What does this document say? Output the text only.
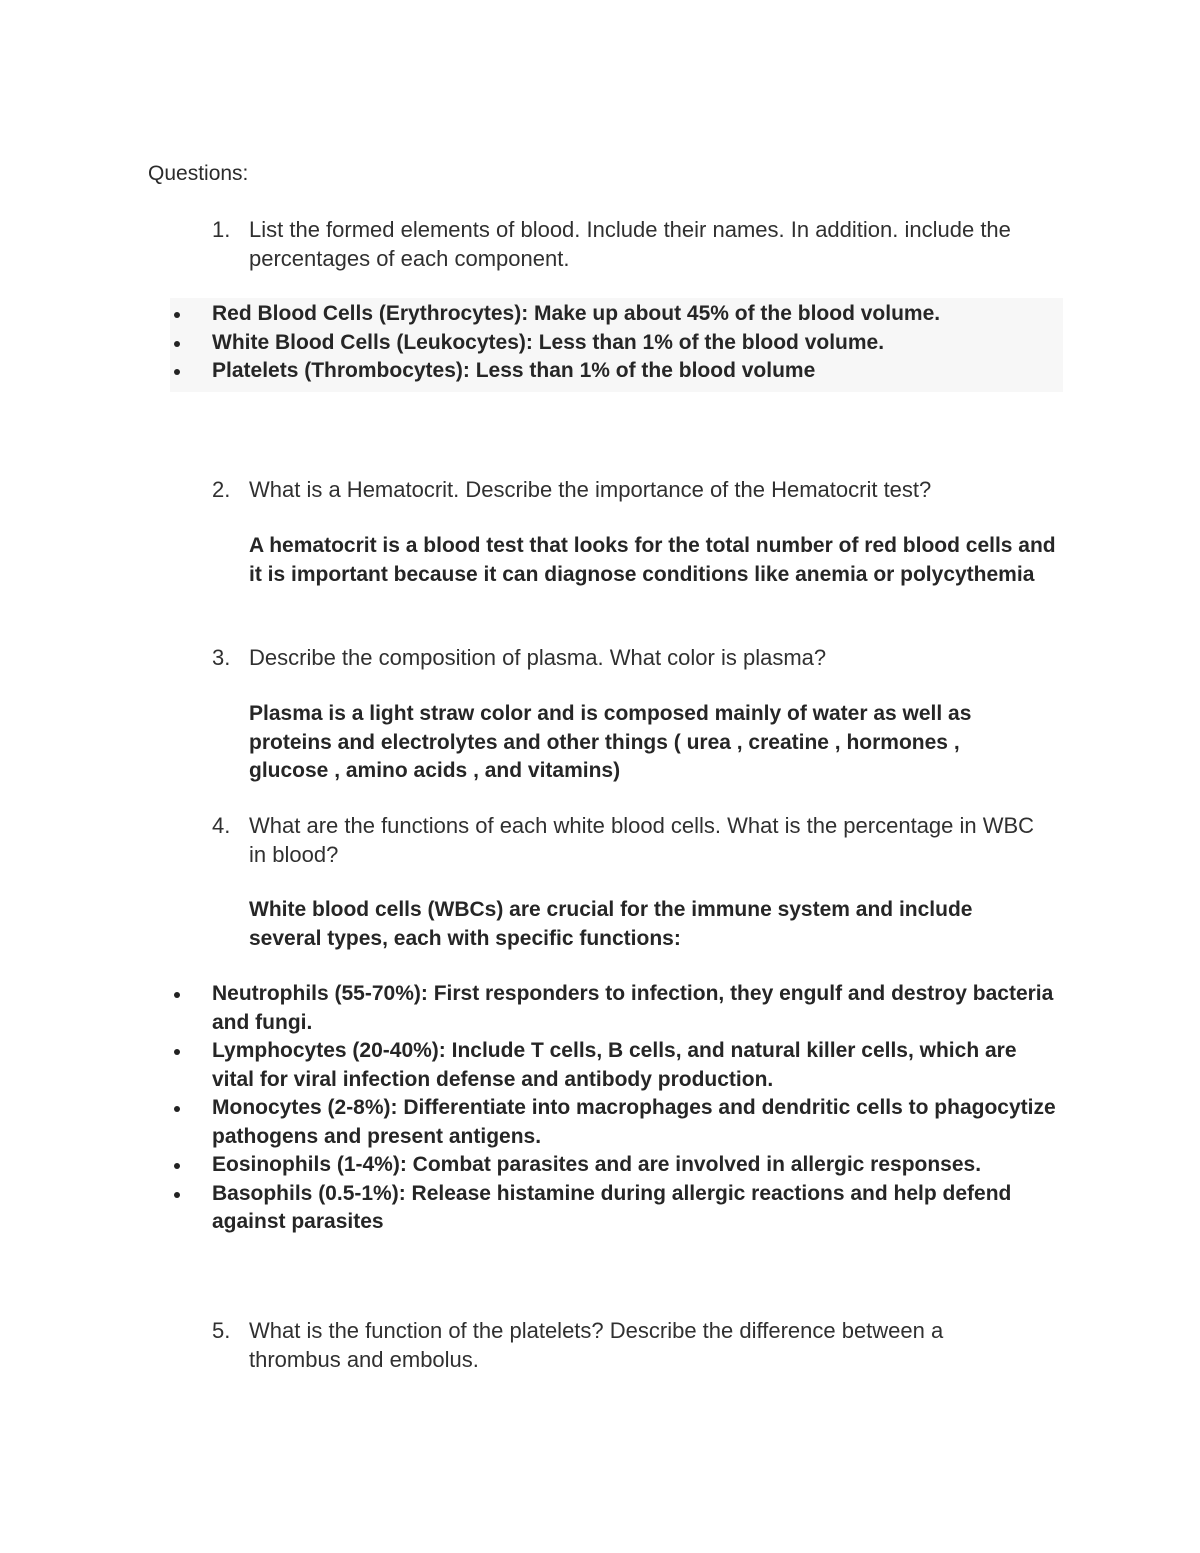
Questions:
1. List the formed elements of blood. Include their names. In addition. include the percentages of each component.
Red Blood Cells (Erythrocytes): Make up about 45% of the blood volume.
White Blood Cells (Leukocytes): Less than 1% of the blood volume.
Platelets (Thrombocytes): Less than 1% of the blood volume
2. What is a Hematocrit. Describe the importance of the Hematocrit test?
A hematocrit is a blood test that looks for the total number of red blood cells and it is important because it can diagnose conditions like anemia or polycythemia
3. Describe the composition of plasma. What color is plasma?
Plasma is a light straw color and is composed mainly of water as well as proteins and electrolytes and other things ( urea , creatine , hormones , glucose , amino acids , and vitamins)
4. What are the functions of each white blood cells. What is the percentage in WBC in blood?
White blood cells (WBCs) are crucial for the immune system and include several types, each with specific functions:
Neutrophils (55-70%): First responders to infection, they engulf and destroy bacteria and fungi.
Lymphocytes (20-40%): Include T cells, B cells, and natural killer cells, which are vital for viral infection defense and antibody production.
Monocytes (2-8%): Differentiate into macrophages and dendritic cells to phagocytize pathogens and present antigens.
Eosinophils (1-4%): Combat parasites and are involved in allergic responses.
Basophils (0.5-1%): Release histamine during allergic reactions and help defend against parasites
5. What is the function of the platelets? Describe the difference between a thrombus and embolus.
